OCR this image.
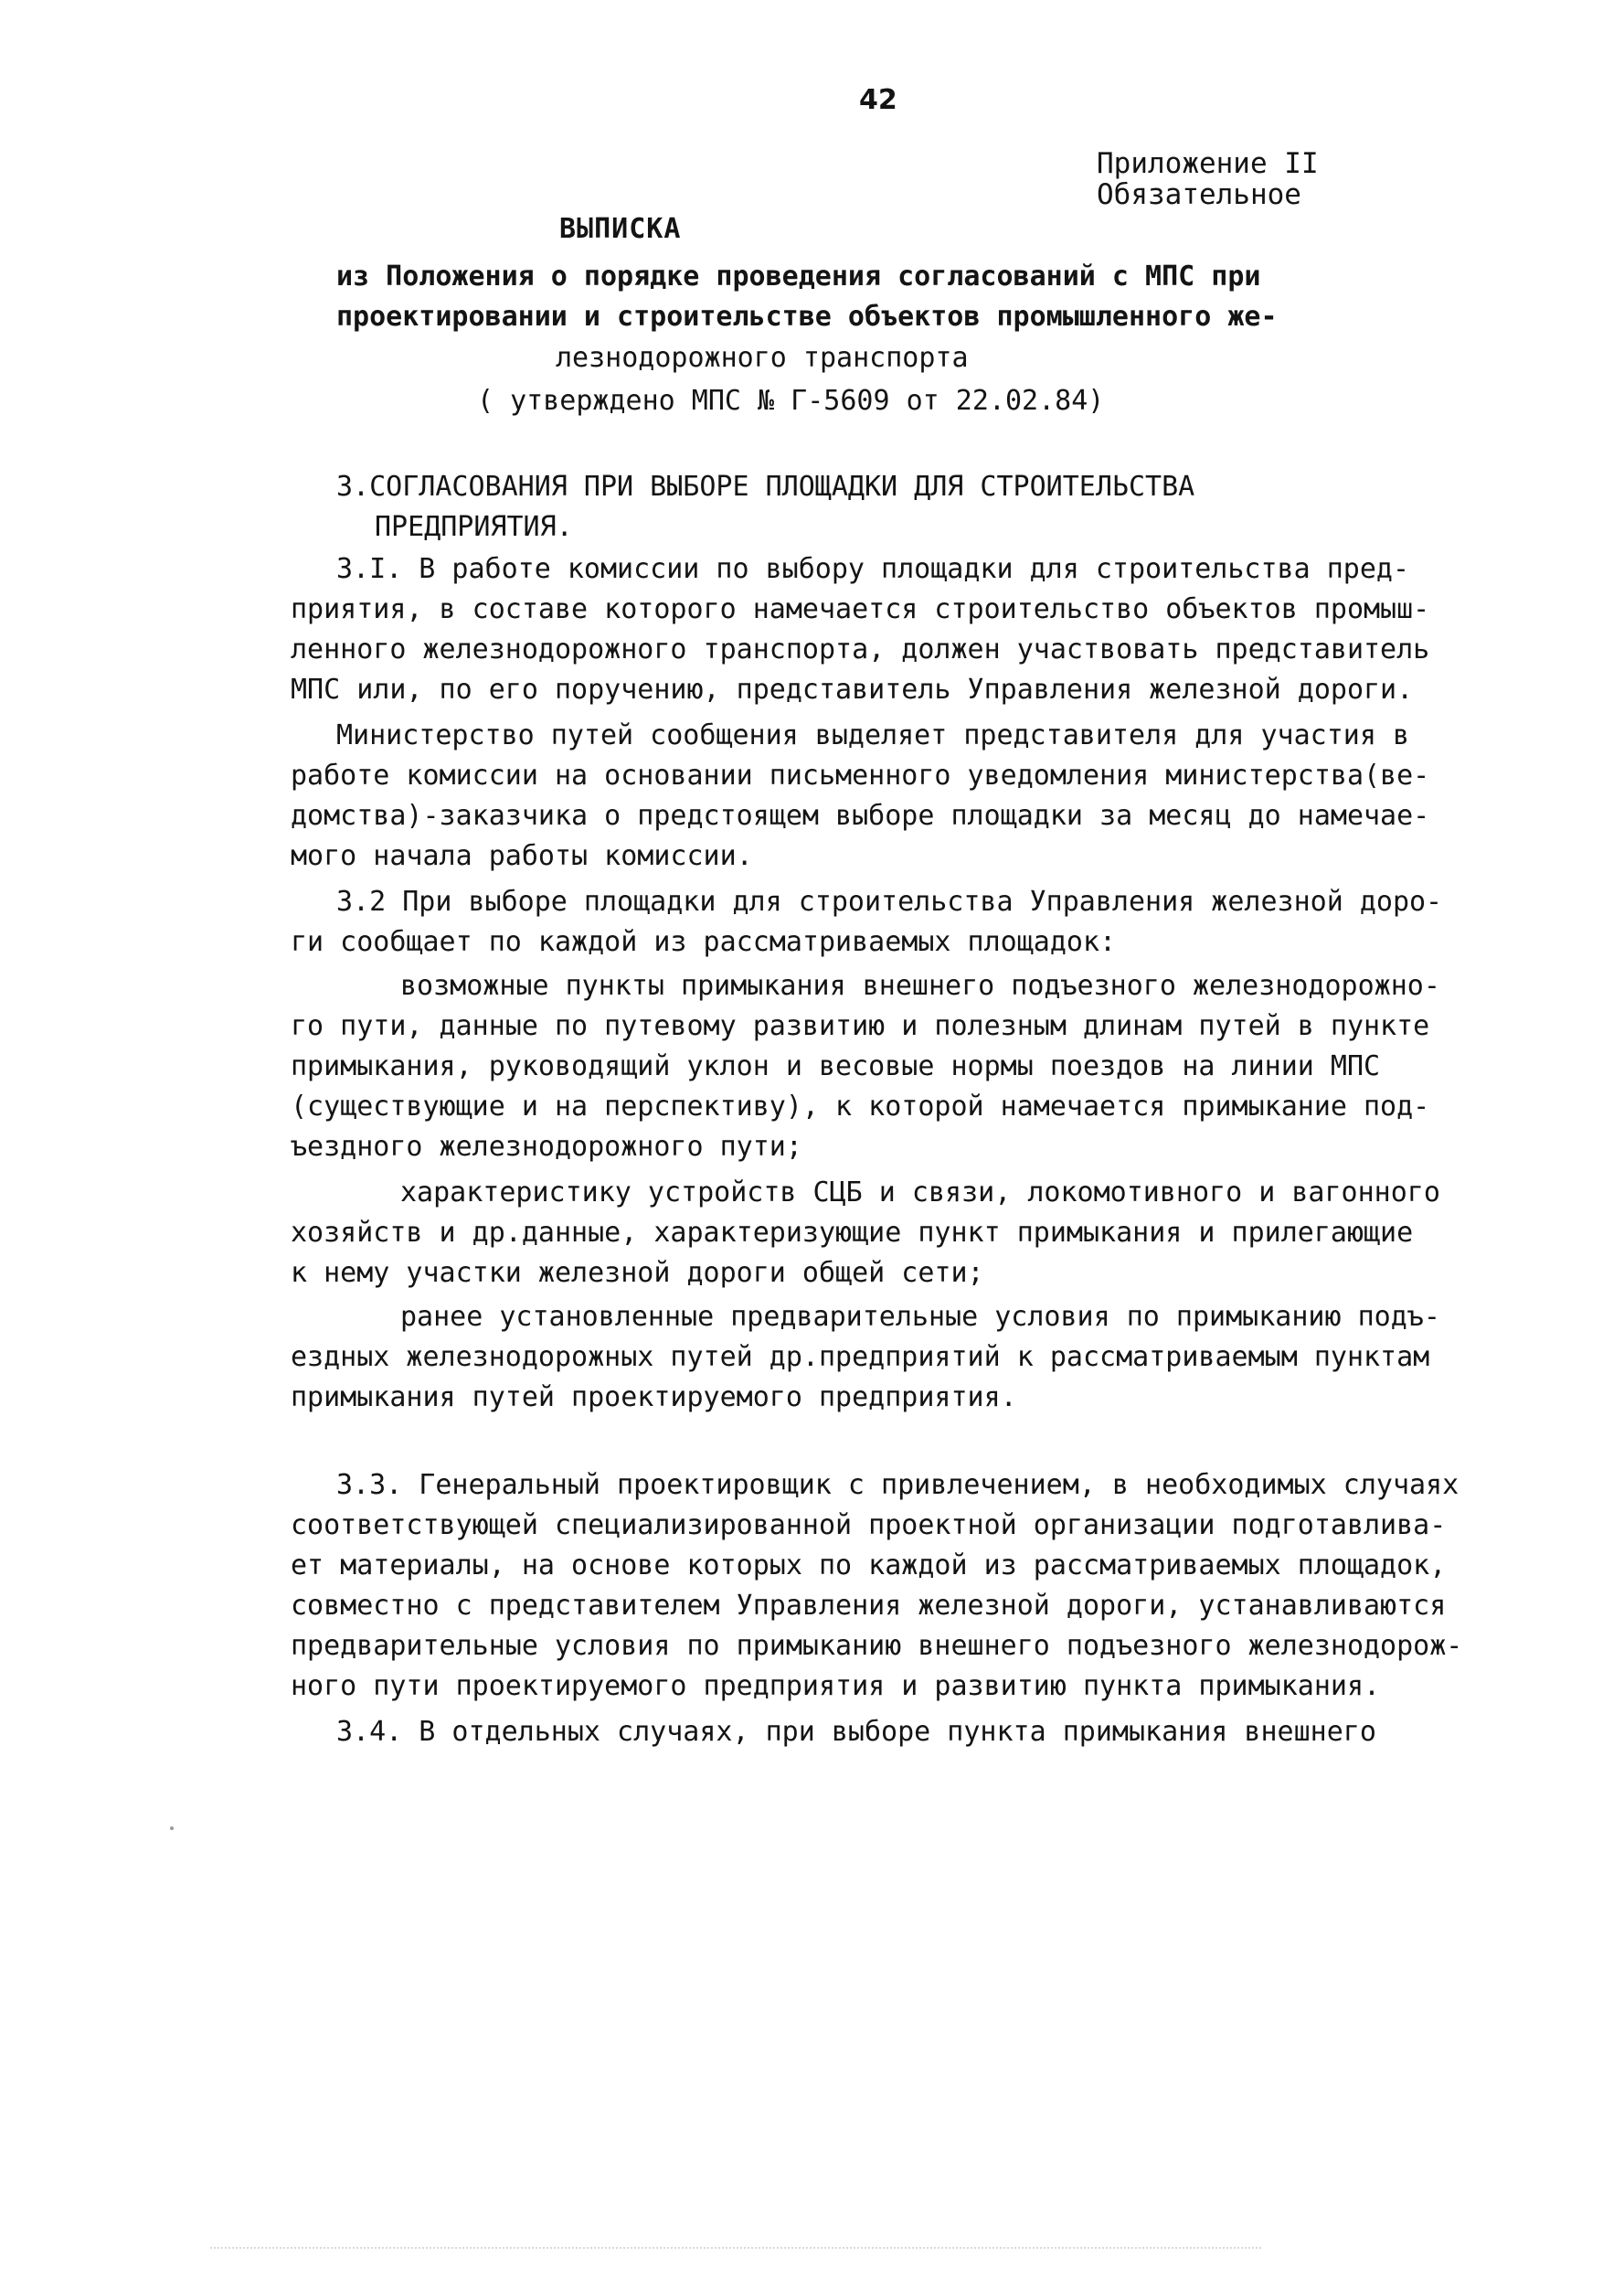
42
Приложение II
Обязательное
ВЫПИСКА
из Положения о порядке проведения согласований с МПС при
проектировании и строительстве объектов промышленного же-
лезнодорожного транспорта
( утверждено МПС № Г-5609 от 22.02.84)
3.СОГЛАСОВАНИЯ ПРИ ВЫБОРЕ ПЛОЩАДКИ ДЛЯ СТРОИТЕЛЬСТВА
ПРЕДПРИЯТИЯ.
3.I. В работе комиссии по выбору площадки для строительства пред-
приятия, в составе которого намечается строительство объектов промыш-
ленного железнодорожного транспорта, должен участвовать представитель
МПС или, по его поручению, представитель Управления железной дороги.
Министерство путей сообщения выделяет представителя для участия в
работе комиссии на основании письменного уведомления министерства(ве-
домства)-заказчика о предстоящем выборе площадки за месяц до намечае-
мого начала работы комиссии.
3.2 При выборе площадки для строительства Управления железной доро-
ги сообщает по каждой из рассматриваемых площадок:
возможные пункты примыкания внешнего подъезного железнодорожно-
го пути, данные по путевому развитию и полезным длинам путей в пункте
примыкания, руководящий уклон и весовые нормы поездов на линии МПС
(существующие и на перспективу), к которой намечается примыкание под-
ъездного железнодорожного пути;
характеристику устройств СЦБ и связи, локомотивного и вагонного
хозяйств и др.данные, характеризующие пункт примыкания и прилегающие
к нему участки железной дороги общей сети;
ранее установленные предварительные условия по примыканию подъ-
ездных железнодорожных путей др.предприятий к рассматриваемым пунктам
примыкания путей проектируемого предприятия.
3.3. Генеральный проектировщик с привлечением, в необходимых случаях
соответствующей специализированной проектной организации подготавлива-
ет материалы, на основе которых по каждой из рассматриваемых площадок,
совместно с представителем Управления железной дороги, устанавливаются
предварительные условия по примыканию внешнего подъезного железнодорож-
ного пути проектируемого предприятия и развитию пункта примыкания.
3.4. В отдельных случаях, при выборе пункта примыкания внешнего
